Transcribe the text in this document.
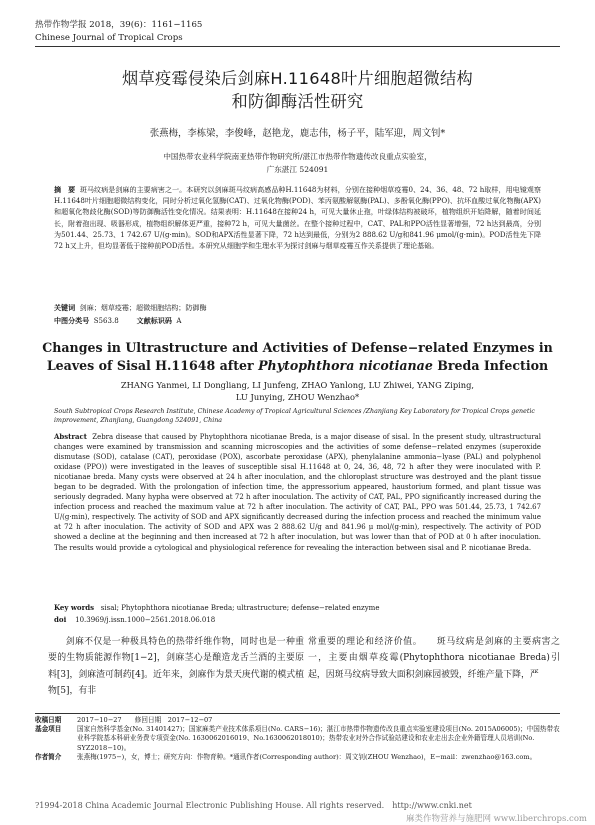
热带作物学报 2018，39(6)：1161−1165
Chinese Journal of Tropical Crops
烟草疫霉侵染后剑麻H.11648叶片细胞超微结构
和防御酶活性研究
张燕梅，李栋梁，李俊峰，赵艳龙，鹿志伟，杨子平，陆军迎，周文钊*
中国热带农业科学院南亚热带作物研究所/湛江市热带作物遗传改良重点实验室，
广东湛江 524091
摘　要 斑马纹病是剑麻的主要病害之一。本研究以剑麻斑马纹病高感品种H.11648为材料，分别在接种烟草疫霉0、24、36、48、72 h取样，用电镜观察H.11648叶片细胞超微结构变化，同时分析过氧化氢酶(CAT)、过氧化物酶(POD)、苯丙氨酸解氨酶(PAL)、多酚氧化酶(PPO)、抗坏血酸过氧化物酶(APX)和超氧化物歧化酶(SOD)等防御酶活性变化情况。结果表明：H.11648在接种24 h，可见大量休止孢，叶绿体结构被破坏，植物组织开始降解，随着时间延长，附着孢出现、吸器形成，植物组织解体更严重，接种72 h，可见大量菌丝。在整个接种过程中，CAT、PAL和PPO活性显著增强，72 h达到最高，分别为501.44、25.73、1 742.67 U/(g·min)。SOD和APX活性显著下降，72 h达到最低，分别为2 888.62 U/g和841.96 μmol/(g·min)。POD活性先下降72 h又上升，但均显著低于接种前POD活性。本研究从细胞学和生理水平为探讨剑麻与烟草疫霉互作关系提供了理论基础。
关键词 剑麻；烟草疫霉；超微细胞结构；防御酶
中图分类号 S563.8	文献标识码 A
Changes in Ultrastructure and Activities of Defense−related Enzymes in
Leaves of Sisal H.11648 after Phytophthora nicotianae Breda Infection
ZHANG Yanmei, LI Dongliang, LI Junfeng, ZHAO Yanlong, LU Zhiwei, YANG Ziping,
LU Junying, ZHOU Wenzhao*
South Subtropical Crops Research Institute, Chinese Academy of Tropical Agricultural Sciences /Zhanjiang Key Laboratory for Tropical Crops genetic improvement, Zhanjiang, Guangdong 524091, China
Abstract Zebra disease that caused by Phytophthora nicotianae Breda, is a major disease of sisal. In the present study, ultrastructural changes were examined by transmission and scanning microscopies and the activities of some defense−related enzymes (superoxide dismutase (SOD), catalase (CAT), peroxidase (POX), ascorbate peroxidase (APX), phenylalanine ammonia−lyase (PAL) and polyphenol oxidase (PPO)) were investigated in the leaves of susceptible sisal H.11648 at 0, 24, 36, 48, 72 h after they were inoculated with P. nicotianae breda. Many cysts were observed at 24 h after inoculation, and the chloroplast structure was destroyed and the plant tissue began to be degraded. With the prolongation of infection time, the appressorium appeared, haustorium formed, and plant tissue was seriously degraded. Many hypha were observed at 72 h after inoculation. The activity of CAT, PAL, PPO significantly increased during the infection process and reached the maximum value at 72 h after inoculation. The activity of CAT, PAL, PPO was 501.44, 25.73, 1 742.67 U/(g·min), respectively. The activity of SOD and APX significantly decreased during the infection process and reached the minimum value at 72 h after inoculation. The activity of SOD and APX was 2 888.62 U/g and 841.96 μ mol/(g·min), respectively. The activity of POD showed a decline at the beginning and then increased at 72 h after inoculation, but was lower than that of POD at 0 h after inoculation. The results would provide a cytological and physiological reference for revealing the interaction between sisal and P. nicotianae Breda.
Key words sisal; Phytophthora nicotianae Breda; ultrastructure; defense−related enzyme
doi 10.3969/j.issn.1000−2561.2018.06.018
剑麻不仅是一种极具特色的热带纤维作物，同时也是一种重要的生物质能源作物[1−2]，剑麻茎心是酿造龙舌兰酒的主要原料[3]，剑麻渣可制药[4]。近年来，剑麻作为景天庚代谢的模式植物[5]，有非
常重要的理论和经济价值。　　斑马纹病是剑麻的主要病害之一，主要由烟草疫霉(Phytophthora nicotianae Breda)引起，因斑马纹病导致大面积剑麻园被毁，纤维产量下降，严
收稿日期	2017−10−27　　修回日期　2017−12−07
基金项目	国家自然科学基金(No. 31401427)；国家麻类产业技术体系项目(No. CARS−16)；湛江市热带作物遗传改良重点实验室建设项目(No. 2015A06005)；中国热带农业科学院基本科研业务费专项资金(No. 1630062016019、No.1630062018010)；热带农业对外合作试验站建设和农业走出去企业外籍管理人员培训(No. SYZ2018−10)。
作者简介	张燕梅(1975−)，女，博士；研究方向：作物育种。*通讯作者(Corresponding author)：周文钊(ZHOU Wenzhao)，E−mail：zwenzhao@163.com。
?1994-2018 China Academic Journal Electronic Publishing House. All rights reserved.　http://www.cnki.net
麻类作物营养与施肥网 www.liberchrops.com
